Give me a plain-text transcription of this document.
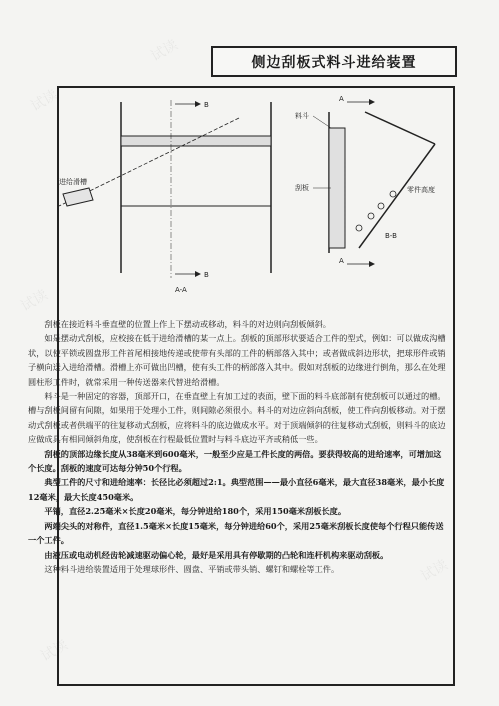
试读
试读
试读
试读
试读
侧边刮板式料斗进给装置
B
B
A-A
进给滑槽
A
A
料斗
刮板	零件高度
B-B

刮板在接近料斗垂直壁的位置上作上下摆动或移动，料斗的对边则向刮板倾斜。

如是摆动式刮板，应校接在低于进给滑槽的某一点上。刮板的顶部形状要适合工件的型式，例如：可以做成沟槽状，以使平锁或圆盘形工件首尾相接地传递或使带有头部的工件的柄部落入其中；或者做成斜边形状，把球形件或销子横向送入进给滑槽。滑槽上亦可做出凹槽，使有头工件的柄部落入其中。假如对刮板的边缘进行倒角，那么在处理圆柱形工件时，就常采用一种传送器来代替进给滑槽。

料斗是一种固定的容器，顶部开口，在垂直壁上有加工过的表面，壁下面的料斗底部制有使刮板可以通过的槽。槽与刮板间留有间隙，如果用于处理小工件，则间隙必须很小。料斗的对边应斜向刮板，使工件向刮板移动。对于摆动式刮板或者供端平的往复移动式刮板，应将料斗的底边做成水平。对于顶端倾斜的往复移动式刮板，则料斗的底边应做成具有相同倾斜角度，使刮板在行程最低位置时与料斗底边平齐或稍低一些。

刮板的顶部边缘长度从38毫米到600毫米，一般至少应是工件长度的两倍。要获得较高的进给速率，可增加这个长度。刮板的速度可达每分钟50个行程。

典型工件的尺寸和进给速率：长径比必须超过2:1。典型范围——最小直径6毫米，最大直径38毫米，最小长度12毫米，最大长度450毫米。

平销，直径2.25毫米×长度20毫米，每分钟进给180个，采用150毫米刮板长度。

两端尖头的对称件，直径1.5毫米×长度15毫米，每分钟进给60个，采用25毫米刮板长度使每个行程只能传送一个工件。

由液压或电动机经齿轮减速驱动偏心轮，最好是采用具有停歇期的凸轮和连杆机构来驱动刮板。

这种料斗进给装置适用于处理球形件、圆盘、平销或带头销、螺钉和螺栓等工件。
